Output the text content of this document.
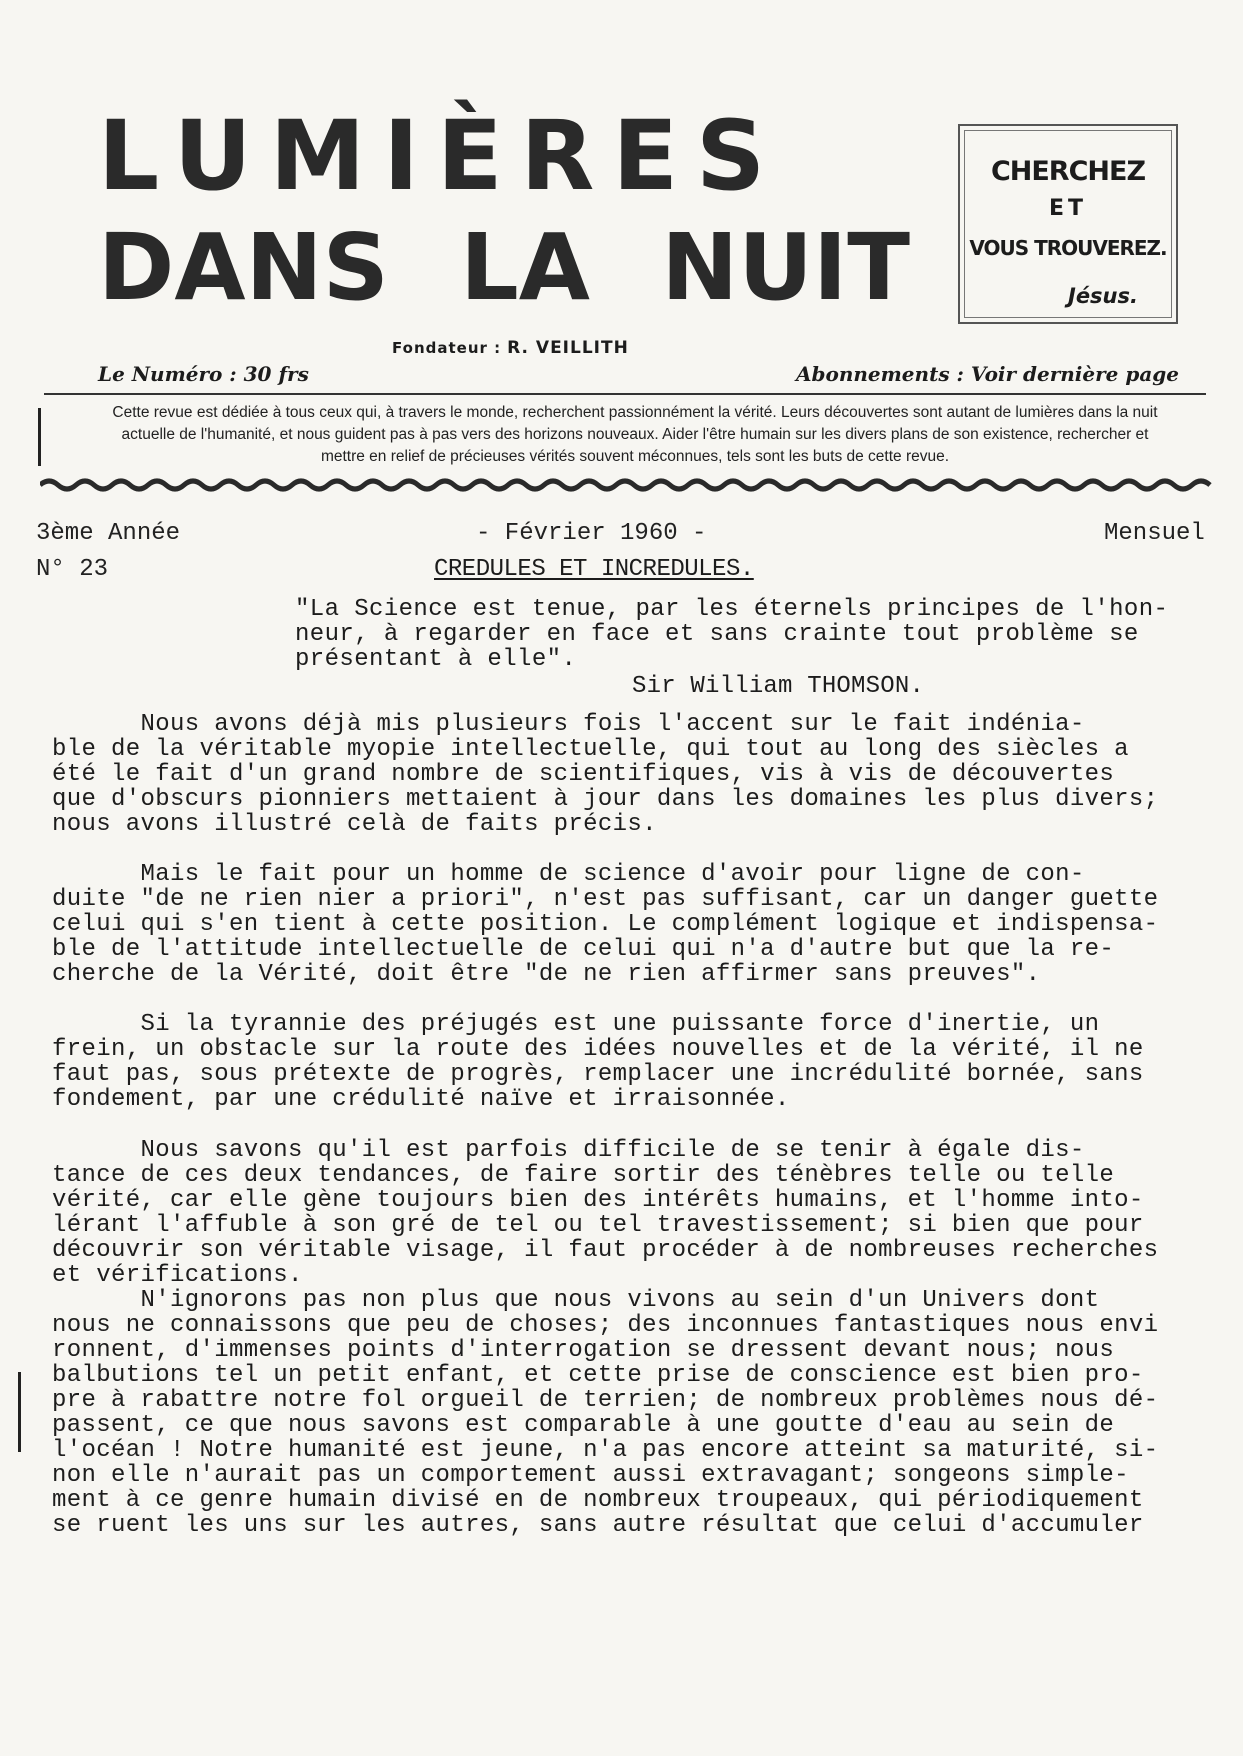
LUMIÈRES
DANS LA NUIT
CHERCHEZ
ET
VOUS TROUVEREZ.
Jésus.
Fondateur : R. VEILLITH
Le Numéro : 30 frs	Abonnements : Voir dernière page
Cette revue est dédiée à tous ceux qui, à travers le monde, recherchent passionnément la vérité. Leurs découvertes sont autant de lumières dans la nuit actuelle de l'humanité, et nous guident pas à pas vers des horizons nouveaux. Aider l'être humain sur les divers plans de son existence, rechercher et mettre en relief de précieuses vérités souvent méconnues, tels sont les buts de cette revue.
3ème Année	- Février 1960 -	Mensuel
N° 23	CREDULES ET INCREDULES.

"La Science est tenue, par les éternels principes de l'hon-
neur, à regarder en face et sans crainte tout problème se
présentant à elle".

Sir William THOMSON.

Nous avons déjà mis plusieurs fois l'accent sur le fait indénia-
ble de la véritable myopie intellectuelle, qui tout au long des siècles a
été le fait d'un grand nombre de scientifiques, vis à vis de découvertes
que d'obscurs pionniers mettaient à jour dans les domaines les plus divers;
nous avons illustré celà de faits précis.

Mais le fait pour un homme de science d'avoir pour ligne de con-
duite "de ne rien nier a priori", n'est pas suffisant, car un danger guette
celui qui s'en tient à cette position. Le complément logique et indispensa-
ble de l'attitude intellectuelle de celui qui n'a d'autre but que la re-
cherche de la Vérité, doit être "de ne rien affirmer sans preuves".

Si la tyrannie des préjugés est une puissante force d'inertie, un
frein, un obstacle sur la route des idées nouvelles et de la vérité, il ne
faut pas, sous prétexte de progrès, remplacer une incrédulité bornée, sans
fondement, par une crédulité naïve et irraisonnée.

Nous savons qu'il est parfois difficile de se tenir à égale dis-
tance de ces deux tendances, de faire sortir des ténèbres telle ou telle
vérité, car elle gène toujours bien des intérêts humains, et l'homme into-
lérant l'affuble à son gré de tel ou tel travestissement; si bien que pour
découvrir son véritable visage, il faut procéder à de nombreuses recherches
et vérifications.

N'ignorons pas non plus que nous vivons au sein d'un Univers dont
nous ne connaissons que peu de choses; des inconnues fantastiques nous envi
ronnent, d'immenses points d'interrogation se dressent devant nous; nous
balbutions tel un petit enfant, et cette prise de conscience est bien pro-
pre à rabattre notre fol orgueil de terrien; de nombreux problèmes nous dé-
passent, ce que nous savons est comparable à une goutte d'eau au sein de
l'océan ! Notre humanité est jeune, n'a pas encore atteint sa maturité, si-
non elle n'aurait pas un comportement aussi extravagant; songeons simple-
ment à ce genre humain divisé en de nombreux troupeaux, qui périodiquement
se ruent les uns sur les autres, sans autre résultat que celui d'accumuler
